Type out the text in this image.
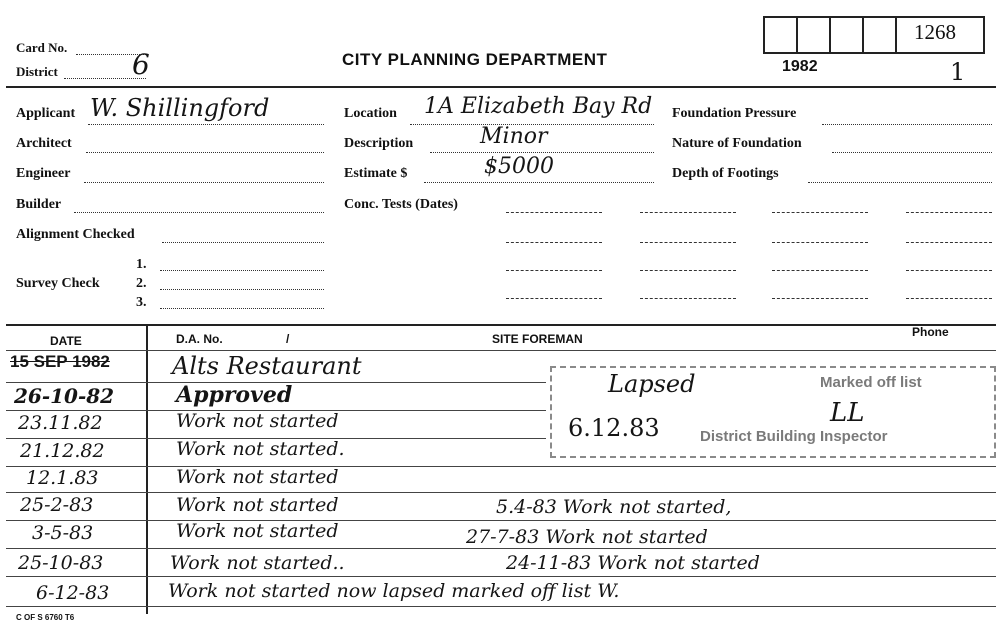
1268
Card No.
District	6	CITY PLANNING DEPARTMENT	1982	1
Applicant W. Shillingford
Architect
Engineer
Builder
Alignment Checked
Survey Check
1.
2.
3.
Location 1A Elizabeth Bay Rd
Description	Minor
Estimate $	$5000
Conc. Tests (Dates)
Foundation Pressure
Nature of Foundation
Depth of Footings
DATE	D.A. No.	/	SITE FOREMAN	Phone
15 SEP 1982	Alts Restaurant
26-10-82	Approved
23.11.82	Work not started
21.12.82	Work not started.
12.1.83	Work not started
25-2-83	Work not started	5.4-83 Work not started,
3-5-83	Work not started	27-7-83 Work not started
25-10-83	Work not started..	24-11-83 Work not started
6-12-83	Work not started now lapsed marked off list W.
Lapsed	Marked off list
6.12.83	LL
District Building Inspector
C OF S 6760 T6
